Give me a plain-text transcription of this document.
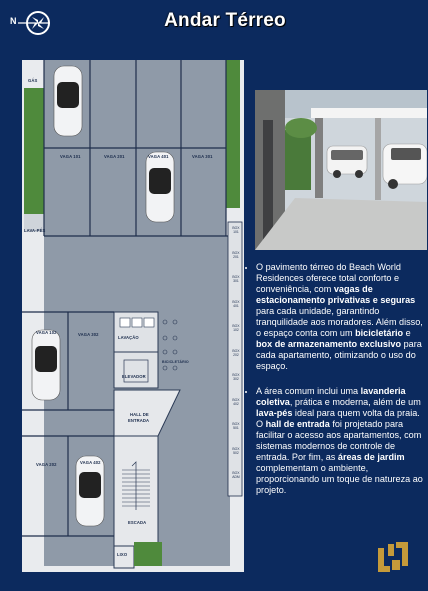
N	Andar Térreo
GÁS
VAGA 101	VAGA 201	VAGA 401	VAGA 301
LAVA-PÉS
VAGA 102	VAGA 302
LAVAÇÃO
BICICLETÁRIO
ELEVADOR
HALL DE
ENTRADA
VAGA 202	VAGA 402
ESCADA
LIXO
BOX
101
BOX
201
BOX
301
BOX
401
BOX
102
BOX
202
BOX
302
BOX
402
BOX
501
BOX
502
BOX
ADM
• O pavimento térreo do Beach World Residences oferece total conforto e conveniência, com vagas de estacionamento privativas e seguras para cada unidade, garantindo tranquilidade aos moradores. Além disso, o espaço conta com um bicicletário e box de armazenamento exclusivo para cada apartamento, otimizando o uso do espaço.
• A área comum inclui uma lavanderia coletiva, prática e moderna, além de um lava-pés ideal para quem volta da praia. O hall de entrada foi projetado para facilitar o acesso aos apartamentos, com sistemas modernos de controle de entrada. Por fim, as áreas de jardim complementam o ambiente, proporcionando um toque de natureza ao projeto.
